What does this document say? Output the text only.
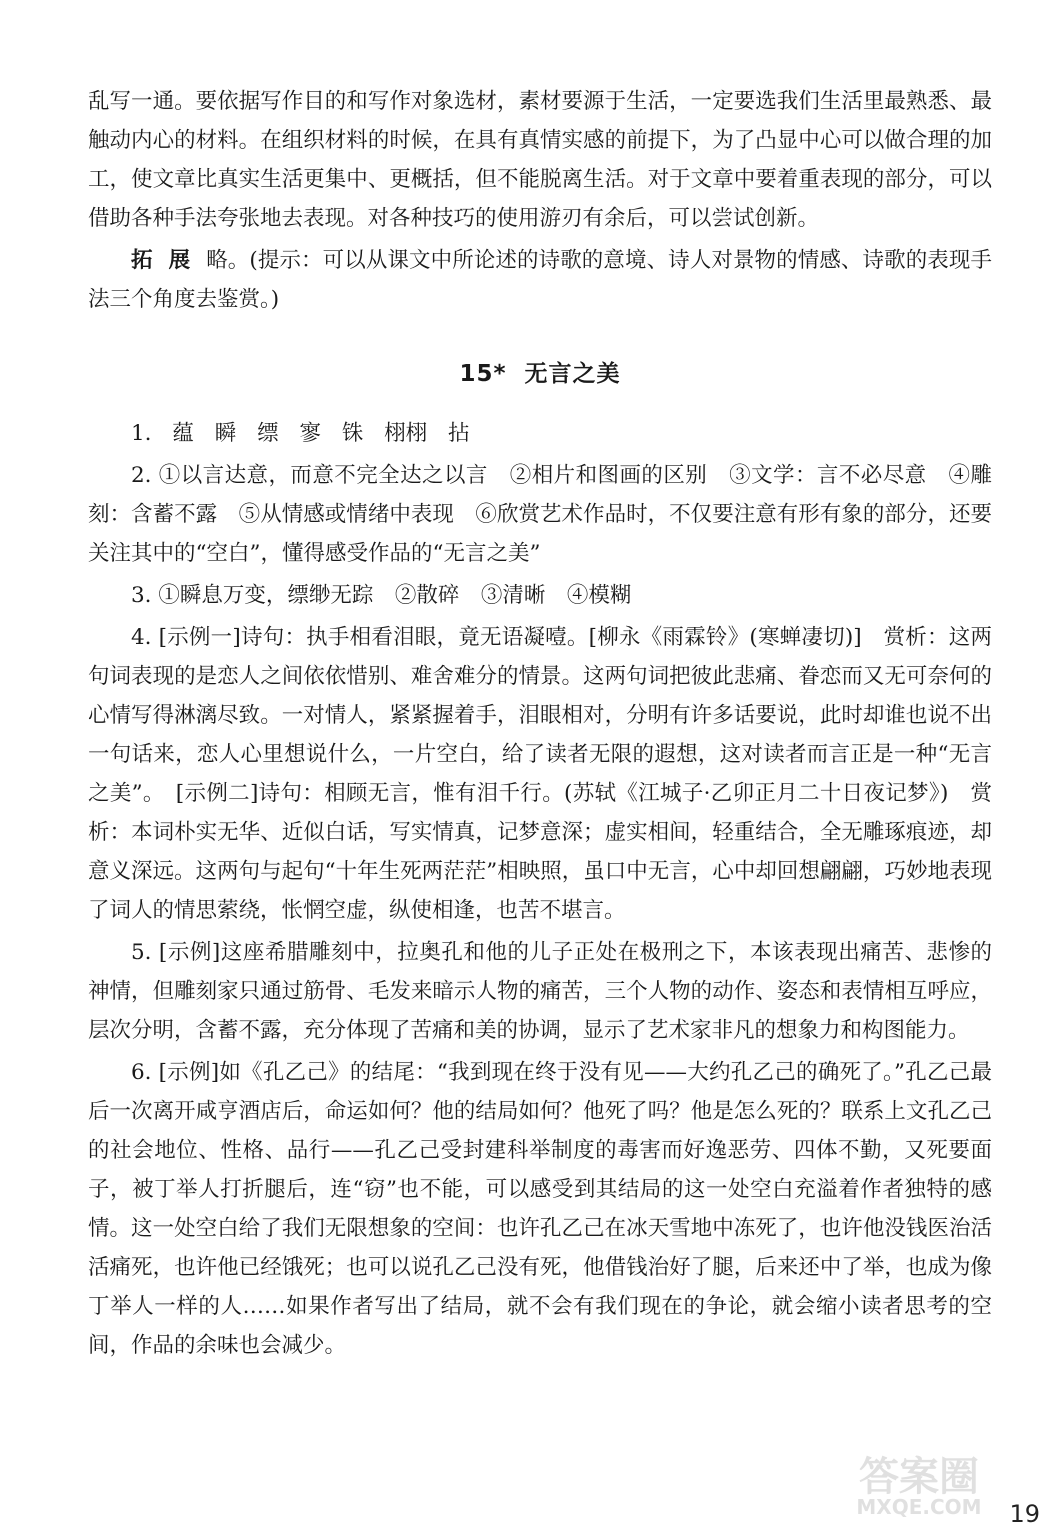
乱写一通。要依据写作目的和写作对象选材，素材要源于生活，一定要选我们生活里最熟悉、最触动内心的材料。在组织材料的时候，在具有真情实感的前提下，为了凸显中心可以做合理的加工，使文章比真实生活更集中、更概括，但不能脱离生活。对于文章中要着重表现的部分，可以借助各种手法夸张地去表现。对各种技巧的使用游刃有余后，可以尝试创新。

拓展略。(提示：可以从课文中所论述的诗歌的意境、诗人对景物的情感、诗歌的表现手法三个角度去鉴赏。)

15* 无言之美

1. 蕴 瞬 缥 寥 铢 栩栩 拈

2. ①以言达意，而意不完全达之以言　②相片和图画的区别　③文学：言不必尽意　④雕刻：含蓄不露　⑤从情感或情绪中表现　⑥欣赏艺术作品时，不仅要注意有形有象的部分，还要关注其中的“空白”，懂得感受作品的“无言之美”

3. ①瞬息万变，缥缈无踪　②散碎　③清晰　④模糊

4. [示例一]诗句：执手相看泪眼，竟无语凝噎。[柳永《雨霖铃》(寒蝉凄切)]　赏析：这两句词表现的是恋人之间依依惜别、难舍难分的情景。这两句词把彼此悲痛、眷恋而又无可奈何的心情写得淋漓尽致。一对情人，紧紧握着手，泪眼相对，分明有许多话要说，此时却谁也说不出一句话来，恋人心里想说什么，一片空白，给了读者无限的遐想，这对读者而言正是一种“无言之美”。　[示例二]诗句：相顾无言，惟有泪千行。(苏轼《江城子·乙卯正月二十日夜记梦》)　赏析：本词朴实无华、近似白话，写实情真，记梦意深；虚实相间，轻重结合，全无雕琢痕迹，却意义深远。这两句与起句“十年生死两茫茫”相映照，虽口中无言，心中却回想翩翩，巧妙地表现了词人的情思萦绕，怅惘空虚，纵使相逢，也苦不堪言。

5. [示例]这座希腊雕刻中，拉奥孔和他的儿子正处在极刑之下，本该表现出痛苦、悲惨的神情，但雕刻家只通过筋骨、毛发来暗示人物的痛苦，三个人物的动作、姿态和表情相互呼应，层次分明，含蓄不露，充分体现了苦痛和美的协调，显示了艺术家非凡的想象力和构图能力。

6. [示例]如《孔乙己》的结尾：“我到现在终于没有见——大约孔乙己的确死了。”孔乙己最后一次离开咸亨酒店后，命运如何？他的结局如何？他死了吗？他是怎么死的？联系上文孔乙己的社会地位、性格、品行——孔乙己受封建科举制度的毒害而好逸恶劳、四体不勤，又死要面子，被丁举人打折腿后，连“窃”也不能，可以感受到其结局的这一处空白充溢着作者独特的感情。这一处空白给了我们无限想象的空间：也许孔乙己在冰天雪地中冻死了，也许他没钱医治活活痛死，也许他已经饿死；也可以说孔乙己没有死，他借钱治好了腿，后来还中了举，也成为像丁举人一样的人……如果作者写出了结局，就不会有我们现在的争论，就会缩小读者思考的空间，作品的余味也会减少。

答案圈
MXQE.COM 19
